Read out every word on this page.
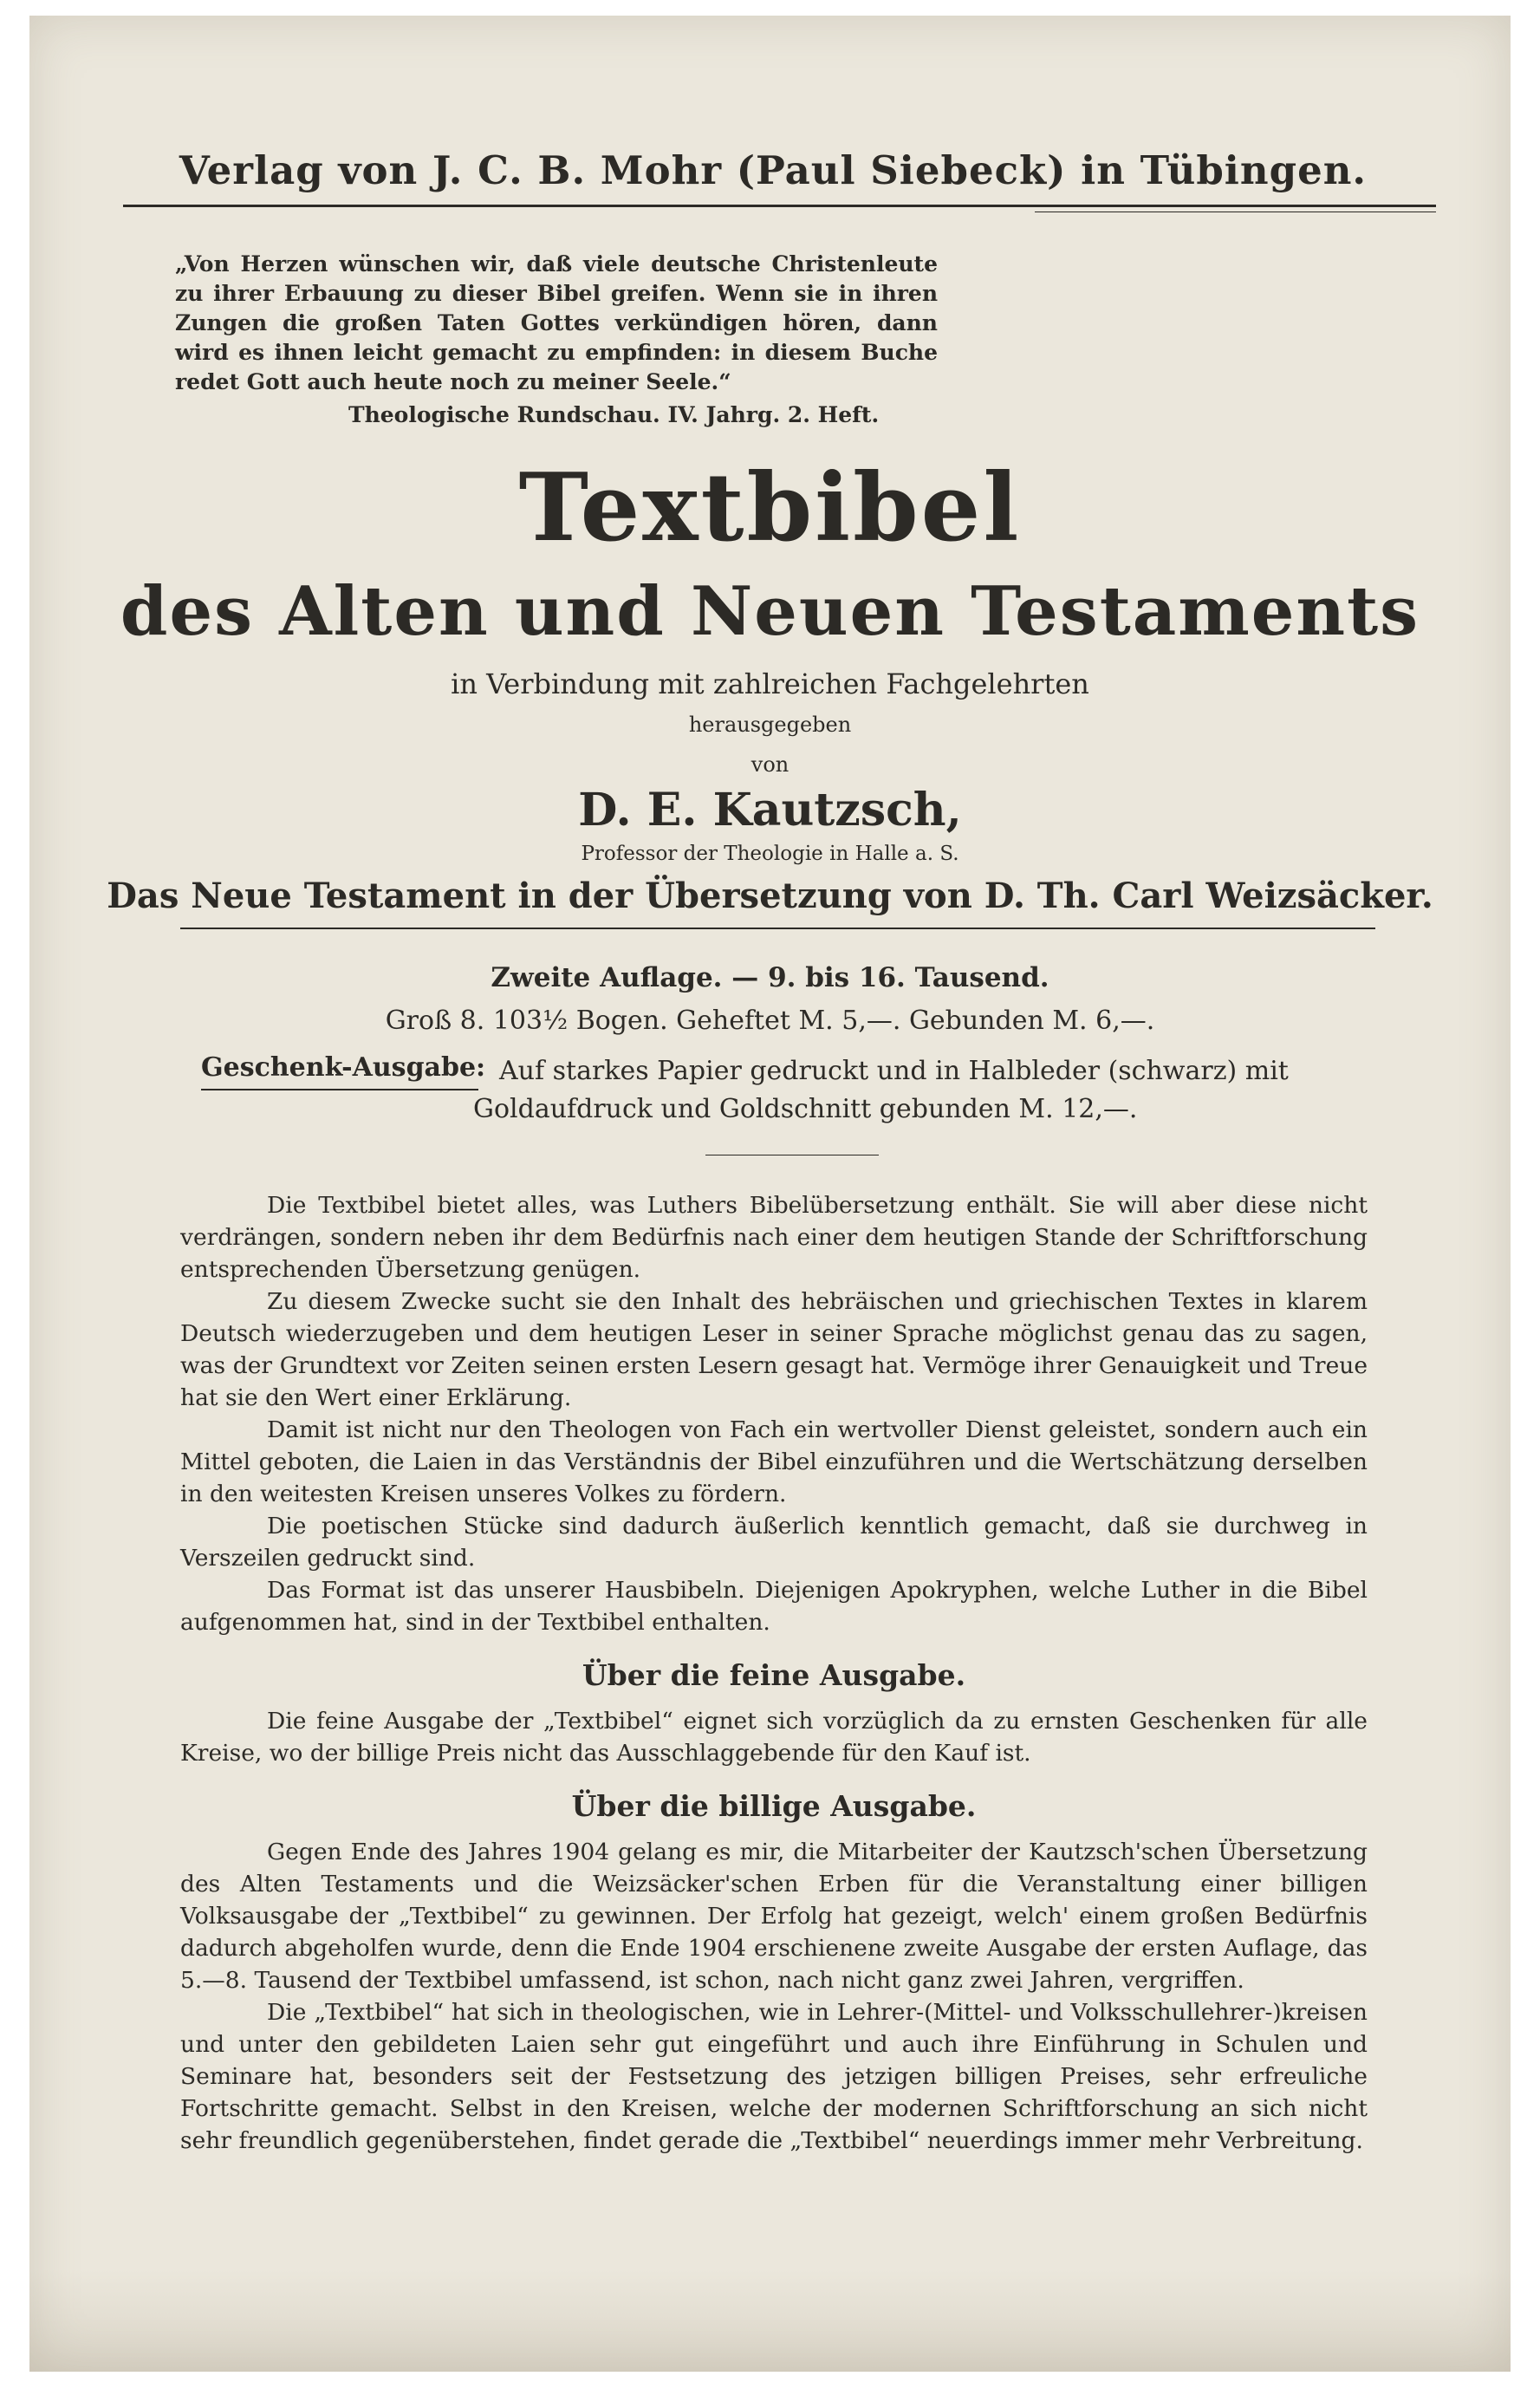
Verlag von J. C. B. Mohr (Paul Siebeck) in Tübingen.
„Von Herzen wünschen wir, daß viele deutsche Christenleute zu ihrer Erbauung zu dieser Bibel greifen. Wenn sie in ihren Zungen die großen Taten Gottes verkündigen hören, dann wird es ihnen leicht gemacht zu empfinden: in diesem Buche redet Gott auch heute noch zu meiner Seele.“
Theologische Rundschau. IV. Jahrg. 2. Heft.
Textbibel
des Alten und Neuen Testaments
in Verbindung mit zahlreichen Fachgelehrten
herausgegeben
von
D. E. Kautzsch,
Professor der Theologie in Halle a. S.
Das Neue Testament in der Übersetzung von D. Th. Carl Weizsäcker.
Zweite Auflage. — 9. bis 16. Tausend.
Groß 8. 103½ Bogen. Geheftet M. 5,—. Gebunden M. 6,—.
Geschenk-Ausgabe: Auf starkes Papier gedruckt und in Halbleder (schwarz) mit Goldaufdruck und Goldschnitt gebunden M. 12,—.

Die Textbibel bietet alles, was Luthers Bibelübersetzung enthält. Sie will aber diese nicht verdrängen, sondern neben ihr dem Bedürfnis nach einer dem heutigen Stande der Schriftforschung entsprechenden Übersetzung genügen.

Zu diesem Zwecke sucht sie den Inhalt des hebräischen und griechischen Textes in klarem Deutsch wiederzugeben und dem heutigen Leser in seiner Sprache möglichst genau das zu sagen, was der Grundtext vor Zeiten seinen ersten Lesern gesagt hat. Vermöge ihrer Genauigkeit und Treue hat sie den Wert einer Erklärung.

Damit ist nicht nur den Theologen von Fach ein wertvoller Dienst geleistet, sondern auch ein Mittel geboten, die Laien in das Verständnis der Bibel einzuführen und die Wertschätzung derselben in den weitesten Kreisen unseres Volkes zu fördern.

Die poetischen Stücke sind dadurch äußerlich kenntlich gemacht, daß sie durchweg in Verszeilen gedruckt sind.

Das Format ist das unserer Hausbibeln. Diejenigen Apokryphen, welche Luther in die Bibel aufgenommen hat, sind in der Textbibel enthalten.

Über die feine Ausgabe.

Die feine Ausgabe der „Textbibel“ eignet sich vorzüglich da zu ernsten Geschenken für alle Kreise, wo der billige Preis nicht das Ausschlaggebende für den Kauf ist.

Über die billige Ausgabe.

Gegen Ende des Jahres 1904 gelang es mir, die Mitarbeiter der Kautzsch'schen Übersetzung des Alten Testaments und die Weizsäcker'schen Erben für die Veranstaltung einer billigen Volksausgabe der „Textbibel“ zu gewinnen. Der Erfolg hat gezeigt, welch' einem großen Bedürfnis dadurch abgeholfen wurde, denn die Ende 1904 erschienene zweite Ausgabe der ersten Auflage, das 5.—8. Tausend der Textbibel umfassend, ist schon, nach nicht ganz zwei Jahren, vergriffen.

Die „Textbibel“ hat sich in theologischen, wie in Lehrer-(Mittel- und Volksschullehrer-)kreisen und unter den gebildeten Laien sehr gut eingeführt und auch ihre Einführung in Schulen und Seminare hat, besonders seit der Festsetzung des jetzigen billigen Preises, sehr erfreuliche Fortschritte gemacht. Selbst in den Kreisen, welche der modernen Schriftforschung an sich nicht sehr freundlich gegenüberstehen, findet gerade die „Textbibel“ neuerdings immer mehr Verbreitung.
